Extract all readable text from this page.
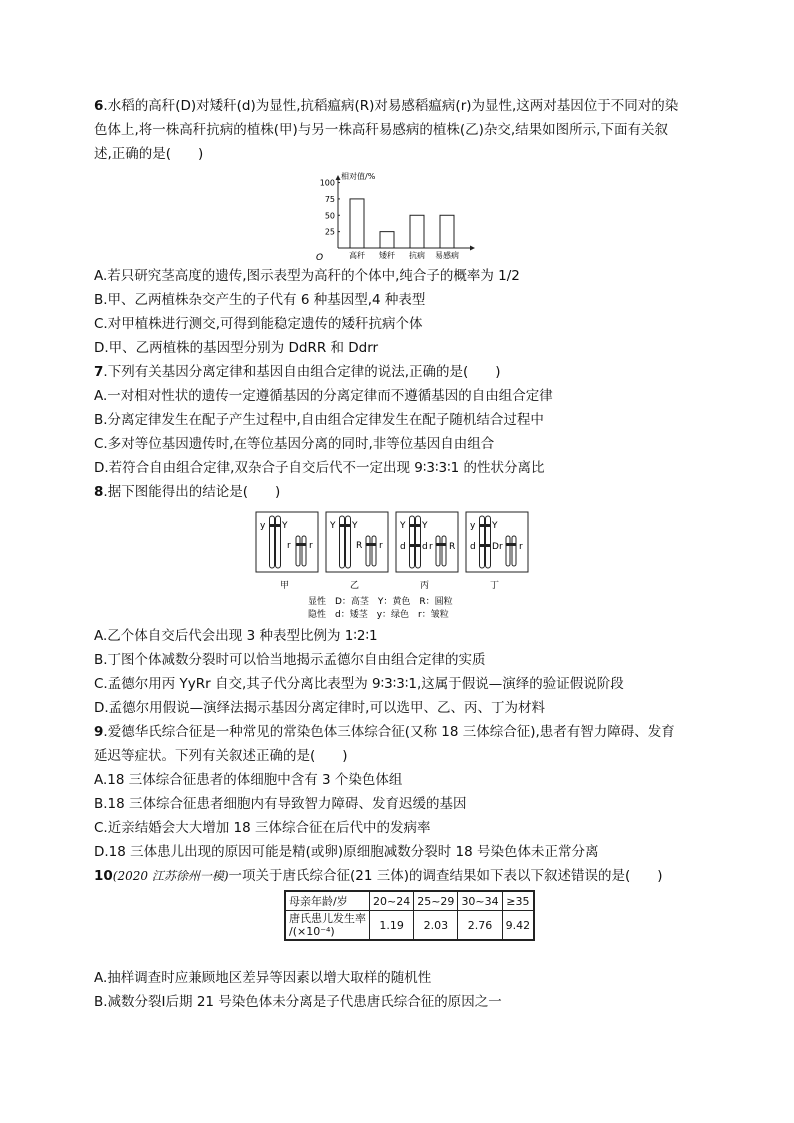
6.水稻的高秆(D)对矮秆(d)为显性,抗稻瘟病(R)对易感稻瘟病(r)为显性,这两对基因位于不同对的染
色体上,将一株高秆抗病的植株(甲)与另一株高秆易感病的植株(乙)杂交,结果如图所示,下面有关叙
述,正确的是(　　)
相对值/%
O
100
75
50
25
高秆 矮秆 抗病 易感病
A.若只研究茎高度的遗传,图示表型为高秆的个体中,纯合子的概率为 1/2
B.甲、乙两植株杂交产生的子代有 6 种基因型,4 种表型
C.对甲植株进行测交,可得到能稳定遗传的矮秆抗病个体
D.甲、乙两植株的基因型分别为 DdRR 和 Ddrr
7.下列有关基因分离定律和基因自由组合定律的说法,正确的是(　　)
A.一对相对性状的遗传一定遵循基因的分离定律而不遵循基因的自由组合定律
B.分离定律发生在配子产生过程中,自由组合定律发生在配子随机结合过程中
C.多对等位基因遗传时,在等位基因分离的同时,非等位基因自由组合
D.若符合自由组合定律,双杂合子自交后代不一定出现 9∶3∶3∶1 的性状分离比
8.据下图能得出的结论是(　　)
y Y
r r
甲
Y Y
R r
乙
Y Y
d d r R
丙
y Y
d D r r
丁
显性　D：高茎　Y：黄色　R：圆粒
隐性　d：矮茎　y：绿色　r：皱粒
A.乙个体自交后代会出现 3 种表型比例为 1∶2∶1
B.丁图个体减数分裂时可以恰当地揭示孟德尔自由组合定律的实质
C.孟德尔用丙 YyRr 自交,其子代分离比表型为 9∶3∶3∶1,这属于假说—演绎的验证假说阶段
D.孟德尔用假说—演绎法揭示基因分离定律时,可以选甲、乙、丙、丁为材料
9.爱德华氏综合征是一种常见的常染色体三体综合征(又称 18 三体综合征),患者有智力障碍、发育
延迟等症状。下列有关叙述正确的是(　　)
A.18 三体综合征患者的体细胞中含有 3 个染色体组
B.18 三体综合征患者细胞内有导致智力障碍、发育迟缓的基因
C.近亲结婚会大大增加 18 三体综合征在后代中的发病率
D.18 三体患儿出现的原因可能是精(或卵)原细胞减数分裂时 18 号染色体未正常分离
10(2020 江苏徐州一模)一项关于唐氏综合征(21 三体)的调查结果如下表以下叙述错误的是(　　)
母亲年龄/岁	20~24	25~29	30~34	≥35
唐氏患儿发生率
/(×10⁻⁴)	1.19	2.03	2.76	9.42
A.抽样调查时应兼顾地区差异等因素以增大取样的随机性
B.减数分裂Ⅰ后期 21 号染色体未分离是子代患唐氏综合征的原因之一
